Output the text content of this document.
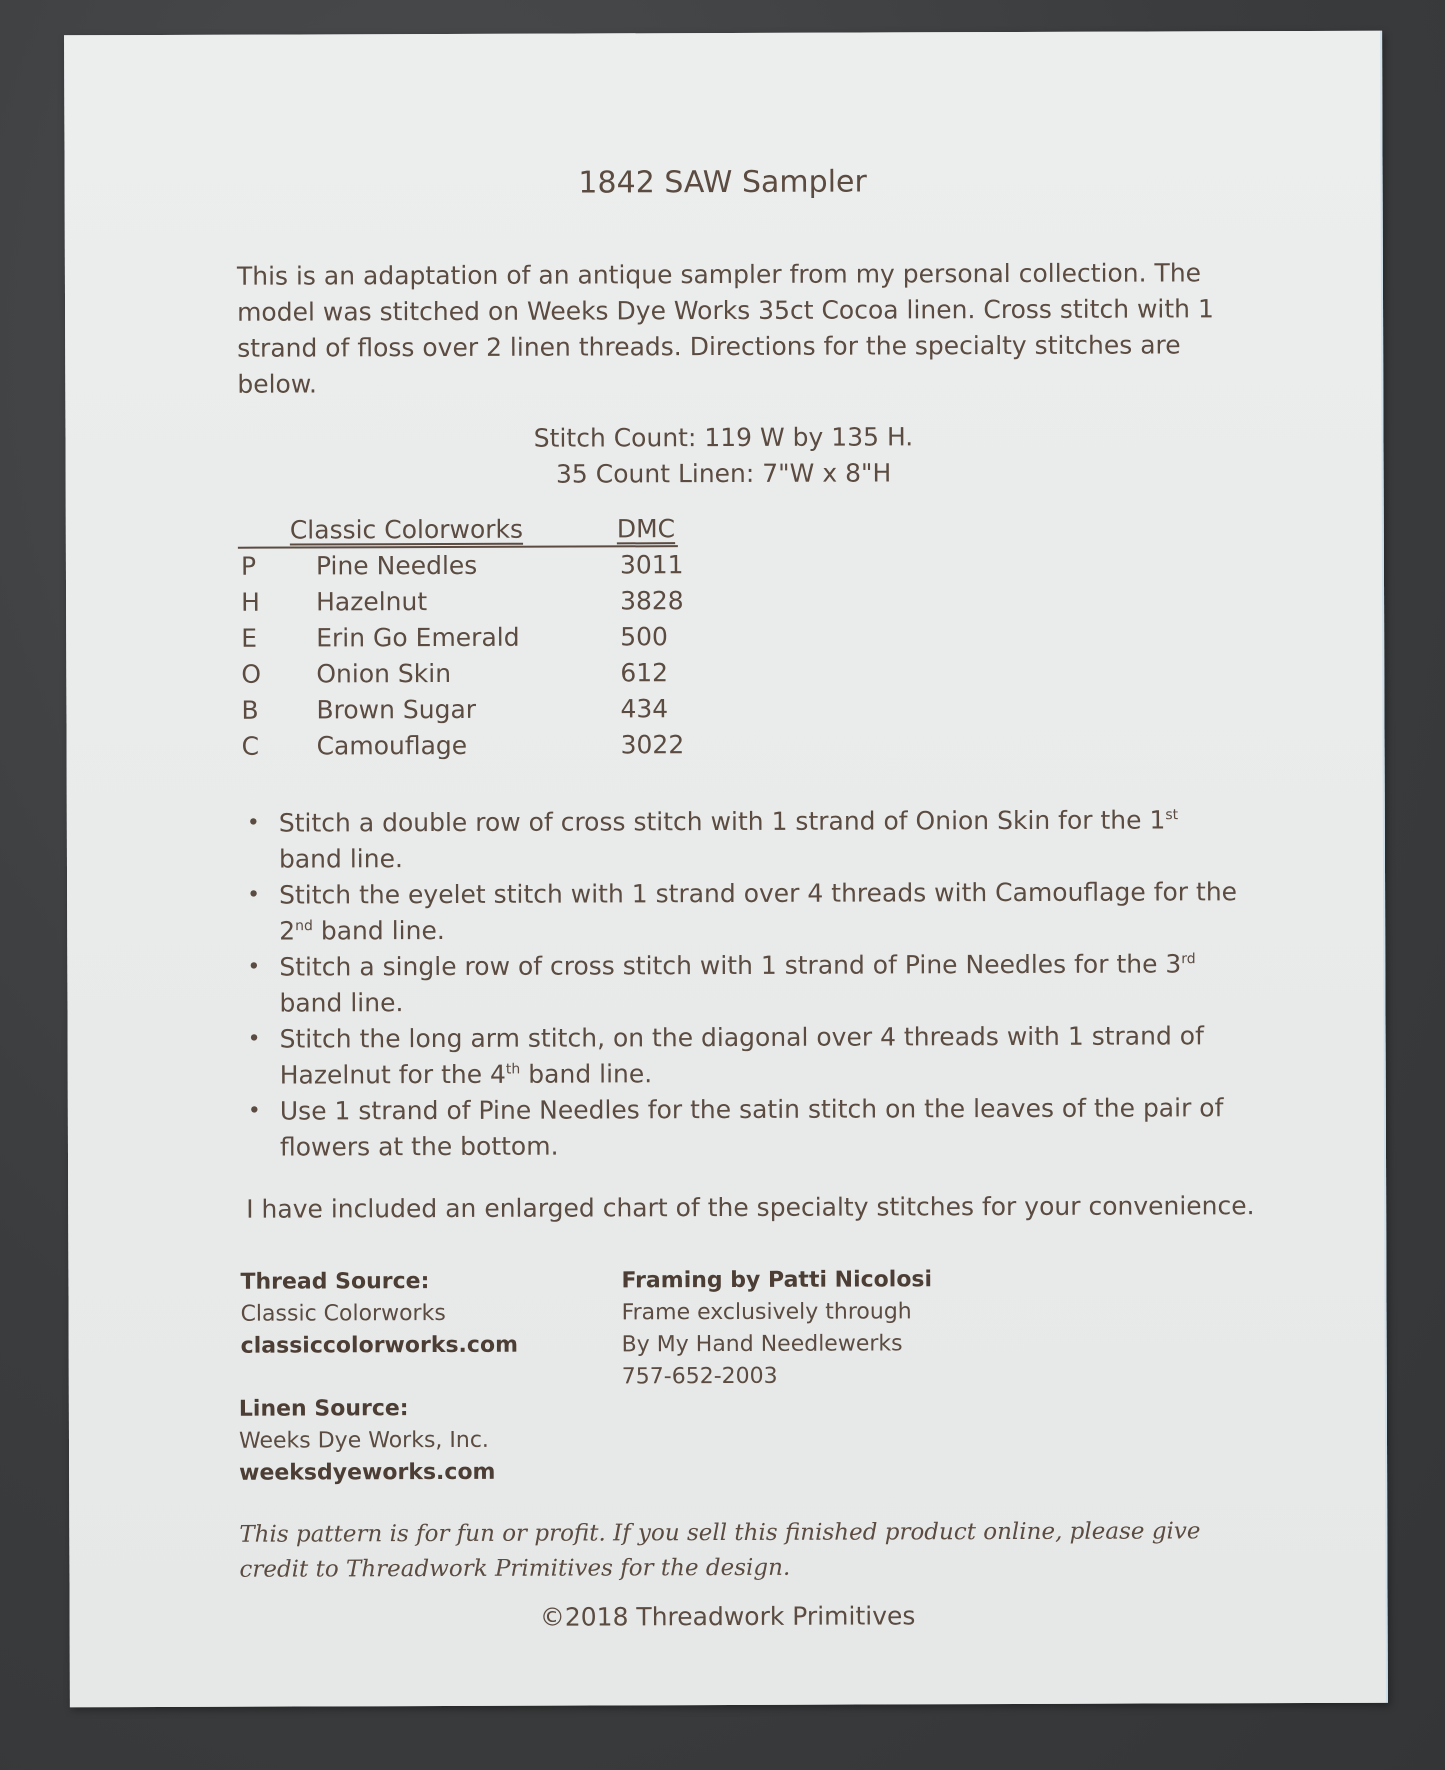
1842 SAW Sampler
This is an adaptation of an antique sampler from my personal collection. The model was stitched on Weeks Dye Works 35ct Cocoa linen. Cross stitch with 1 strand of floss over 2 linen threads. Directions for the specialty stitches are below.
Stitch Count: 119 W by 135 H.
35 Count Linen: 7"W x 8"H
Classic Colorworks	DMC
P Pine Needles	3011
H Hazelnut	3828
E Erin Go Emerald	500
O Onion Skin	612
B Brown Sugar	434
C Camouflage	3022
• Stitch a double row of cross stitch with 1 strand of Onion Skin for the 1st band line.
• Stitch the eyelet stitch with 1 strand over 4 threads with Camouflage for the 2nd band line.
• Stitch a single row of cross stitch with 1 strand of Pine Needles for the 3rd band line.
• Stitch the long arm stitch, on the diagonal over 4 threads with 1 strand of Hazelnut for the 4th band line.
• Use 1 strand of Pine Needles for the satin stitch on the leaves of the pair of flowers at the bottom.
I have included an enlarged chart of the specialty stitches for your convenience.
Thread Source:
Classic Colorworks
classiccolorworks.com
Framing by Patti Nicolosi
Frame exclusively through
By My Hand Needlewerks
757-652-2003
Linen Source:
Weeks Dye Works, Inc.
weeksdyeworks.com
This pattern is for fun or profit. If you sell this finished product online, please give credit to Threadwork Primitives for the design.
©2018 Threadwork Primitives
